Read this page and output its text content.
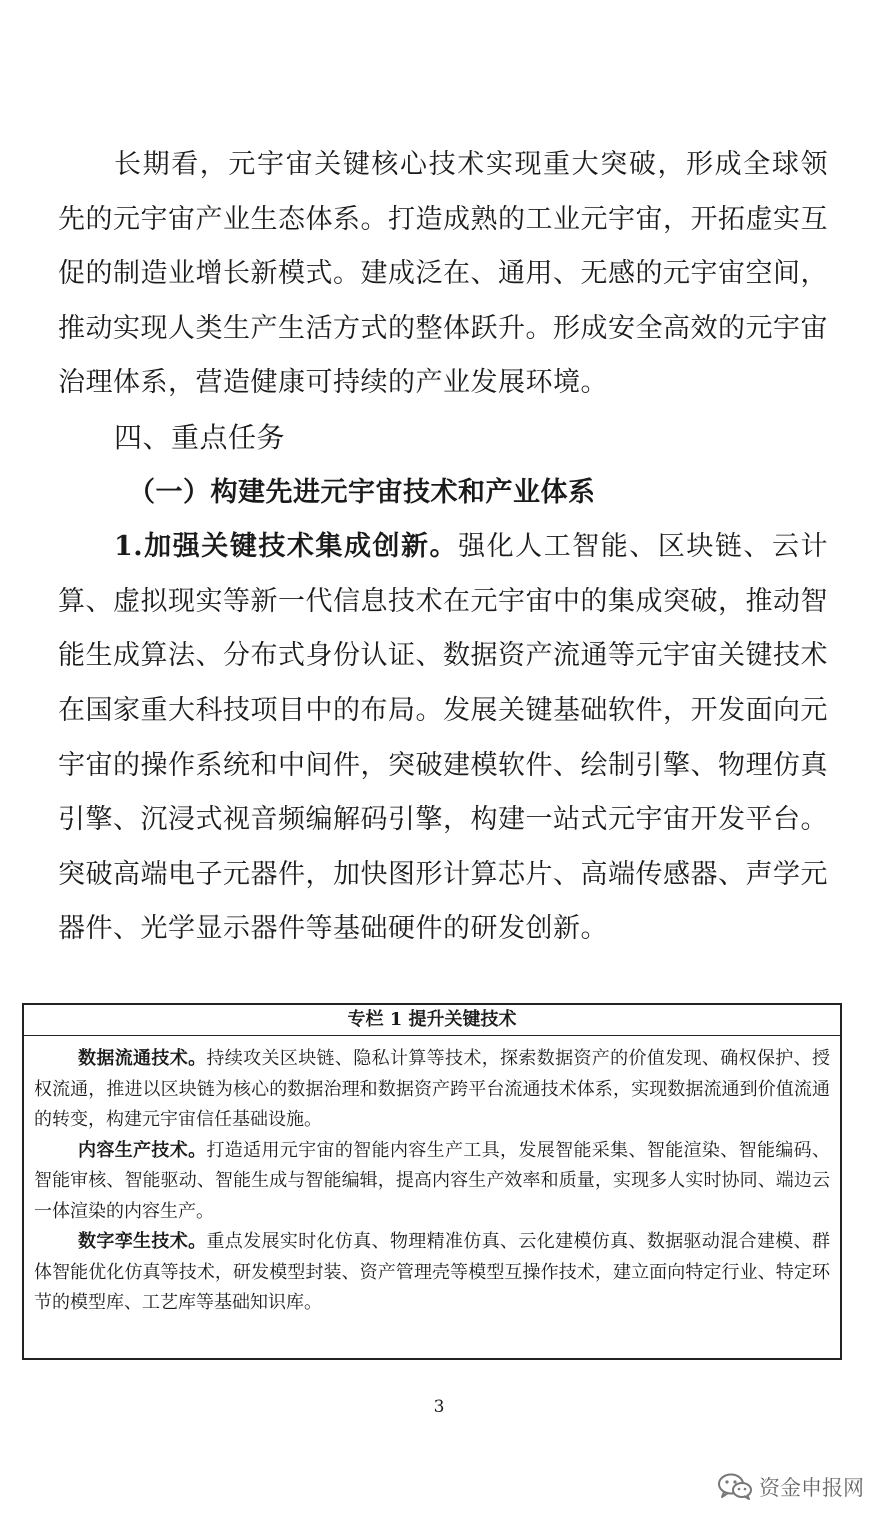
长期看，元宇宙关键核心技术实现重大突破，形成全球领先的元宇宙产业生态体系。打造成熟的工业元宇宙，开拓虚实互促的制造业增长新模式。建成泛在、通用、无感的元宇宙空间，推动实现人类生产生活方式的整体跃升。形成安全高效的元宇宙治理体系，营造健康可持续的产业发展环境。

四、重点任务

（一）构建先进元宇宙技术和产业体系

1.加强关键技术集成创新。强化人工智能、区块链、云计算、虚拟现实等新一代信息技术在元宇宙中的集成突破，推动智能生成算法、分布式身份认证、数据资产流通等元宇宙关键技术在国家重大科技项目中的布局。发展关键基础软件，开发面向元宇宙的操作系统和中间件，突破建模软件、绘制引擎、物理仿真引擎、沉浸式视音频编解码引擎，构建一站式元宇宙开发平台。突破高端电子元器件，加快图形计算芯片、高端传感器、声学元器件、光学显示器件等基础硬件的研发创新。

专栏 1 提升关键技术

数据流通技术。持续攻关区块链、隐私计算等技术，探索数据资产的价值发现、确权保护、授权流通，推进以区块链为核心的数据治理和数据资产跨平台流通技术体系，实现数据流通到价值流通的转变，构建元宇宙信任基础设施。

内容生产技术。打造适用元宇宙的智能内容生产工具，发展智能采集、智能渲染、智能编码、智能审核、智能驱动、智能生成与智能编辑，提高内容生产效率和质量，实现多人实时协同、端边云一体渲染的内容生产。

数字孪生技术。重点发展实时化仿真、物理精准仿真、云化建模仿真、数据驱动混合建模、群体智能优化仿真等技术，研发模型封装、资产管理壳等模型互操作技术，建立面向特定行业、特定环节的模型库、工艺库等基础知识库。

3
资金申报网
